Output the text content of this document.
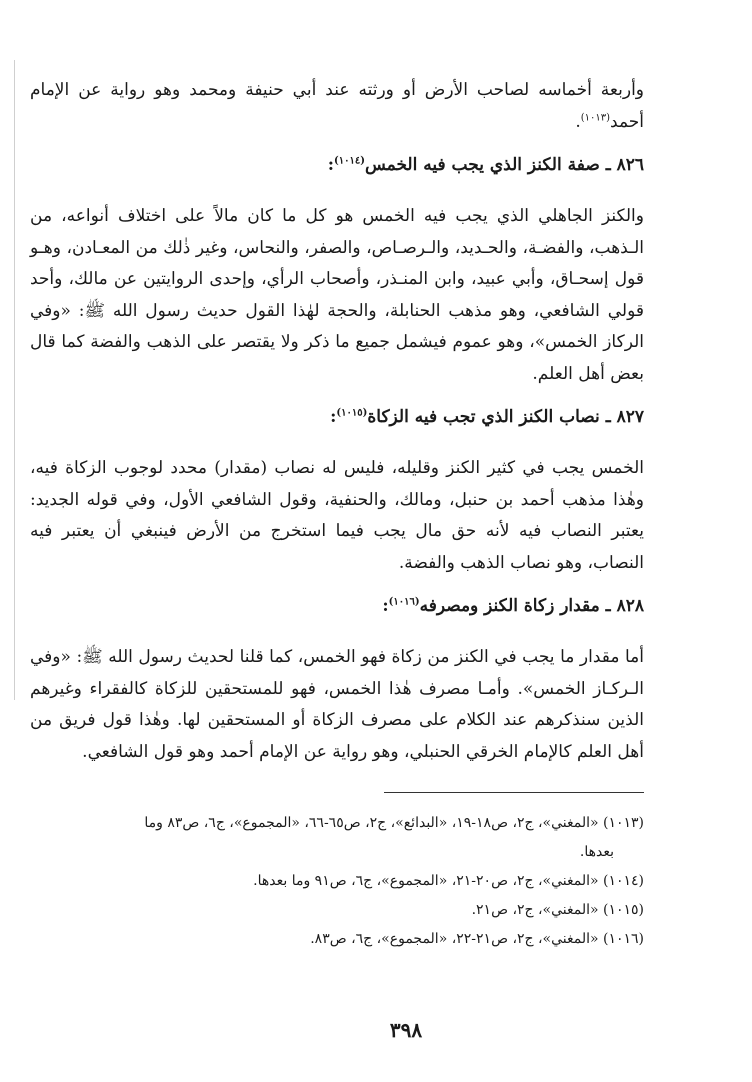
وأربعة أخماسه لصاحب الأرض أو ورثته عند أبي حنيفة ومحمد وهو رواية عن الإمام أحمد$^{(١٠١٣)}$.

٨٢٦ ـ صفة الكنز الذي يجب فيه الخمس$^{(١٠١٤)}$:

والكنز الجاهلي الذي يجب فيه الخمس هو كل ما كان مالاً على اختلاف أنواعه، من الـذهب، والفضـة، والحـديد، والـرصـاص، والصفر، والنحاس، وغير ذٰلك من المعـادن، وهـو قول إسحـاق، وأبي عبيد، وابن المنـذر، وأصحاب الرأي، وإحدى الروايتين عن مالك، وأحد قولي الشافعي، وهو مذهب الحنابلة، والحجة لهٰذا القول حديث رسول الله ﷺ: «وفي الركاز الخمس»، وهو عموم فيشمل جميع ما ذكر ولا يقتصر على الذهب والفضة كما قال بعض أهل العلم.

٨٢٧ ـ نصاب الكنز الذي تجب فيه الزكاة$^{(١٠١٥)}$:

الخمس يجب في كثير الكنز وقليله، فليس له نصاب (مقدار) محدد لوجوب الزكاة فيه، وهٰذا مذهب أحمد بن حنبل، ومالك، والحنفية، وقول الشافعي الأول، وفي قوله الجديد: يعتبر النصاب فيه لأنه حق مال يجب فيما استخرج من الأرض فينبغي أن يعتبر فيه النصاب، وهو نصاب الذهب والفضة.

٨٢٨ ـ مقدار زكاة الكنز ومصرفه$^{(١٠١٦)}$:

أما مقدار ما يجب في الكنز من زكاة فهو الخمس، كما قلنا لحديث رسول الله ﷺ: «وفي الـركـاز الخمس». وأمـا مصرف هٰذا الخمس، فهو للمستحقين للزكاة كالفقراء وغيرهم الذين سنذكرهم عند الكلام على مصرف الزكاة أو المستحقين لها. وهٰذا قول فريق من أهل العلم كالإمام الخرقي الحنبلي، وهو رواية عن الإمام أحمد وهو قول الشافعي.

(١٠١٣) «المغني»، ج٢، ص١٨-١٩، «البدائع»، ج٢، ص٦٥-٦٦، «المجموع»، ج٦، ص٨٣ وما

بعدها.

(١٠١٤) «المغني»، ج٢، ص٢٠-٢١، «المجموع»، ج٦، ص٩١ وما بعدها.

(١٠١٥) «المغني»، ج٢، ص٢١.

(١٠١٦) «المغني»، ج٢، ص٢١-٢٢، «المجموع»، ج٦، ص٨٣.

٣٩٨
